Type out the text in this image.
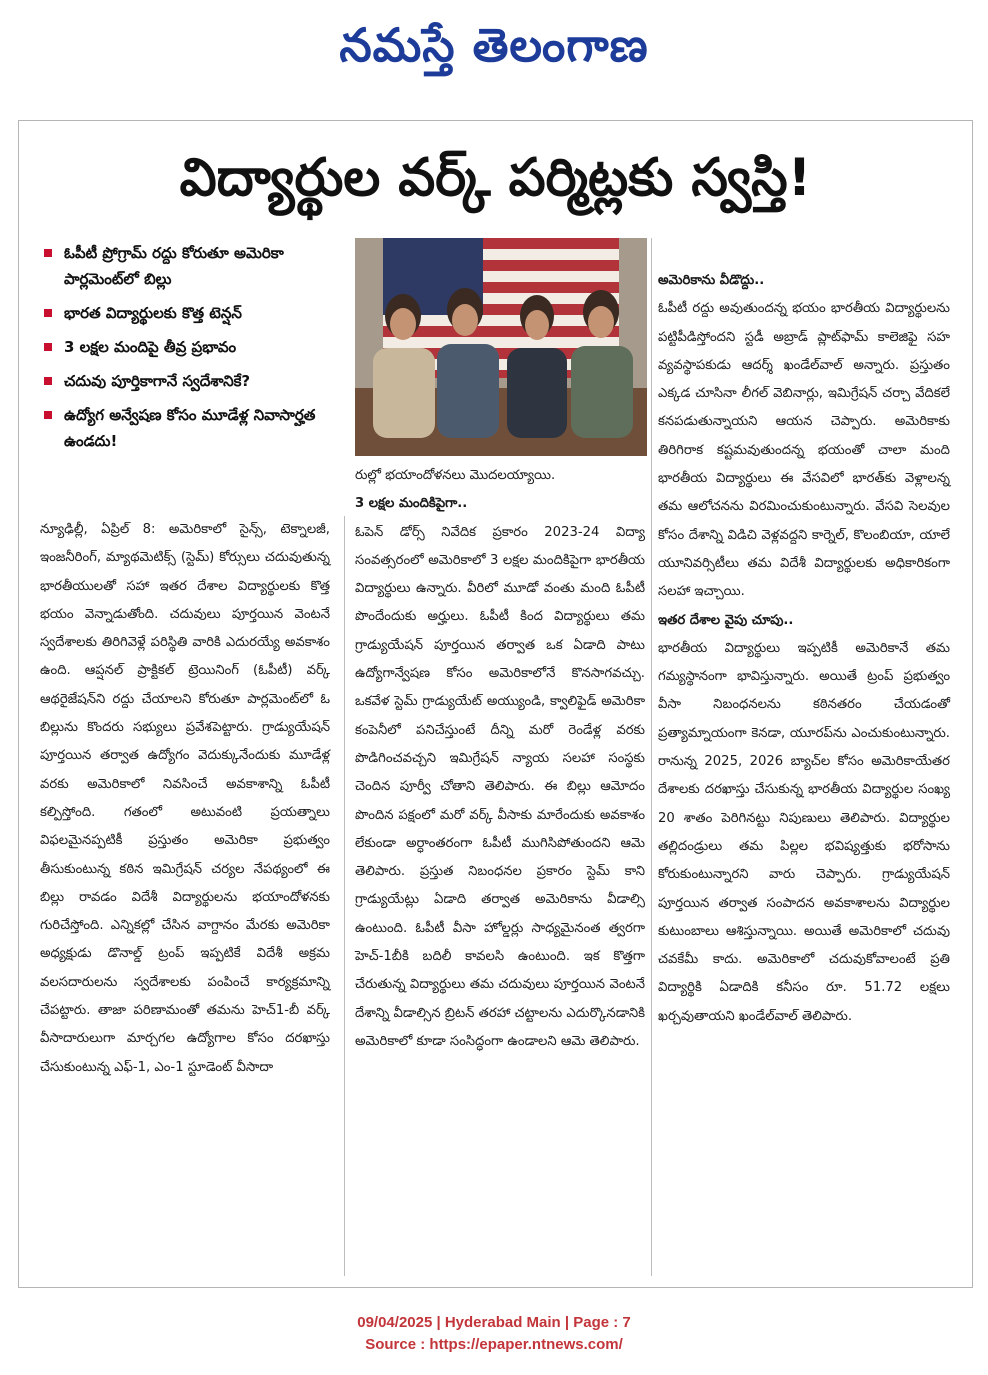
నమస్తే తెలంగాణ
విద్యార్థుల వర్క్ పర్మిట్లకు స్వస్తి!
ఓపీటీ ప్రోగ్రామ్ రద్దు కోరుతూ అమెరికా పార్లమెంట్‌లో బిల్లు
భారత విద్యార్థులకు కొత్త టెన్షన్
3 లక్షల మందిపై తీవ్ర ప్రభావం
చదువు పూర్తికాగానే స్వదేశానికే?
ఉద్యోగ అన్వేషణ కోసం మూడేళ్ల నివాసార్హత ఉండదు!

న్యూఢిల్లీ, ఏప్రిల్ 8: అమెరికాలో సైన్స్, టెక్నాలజీ, ఇంజనీరింగ్, మ్యాథమెటిక్స్ (స్టెమ్) కోర్సులు చదువుతున్న భారతీయులతో సహా ఇతర దేశాల విద్యార్థులకు కొత్త భయం వెన్నాడుతోంది. చదువులు పూర్తయిన వెంటనే స్వదేశాలకు తిరిగివెళ్లే పరిస్థితి వారికి ఎదురయ్యే అవకాశం ఉంది. ఆప్షనల్ ప్రాక్టికల్ ట్రెయినింగ్ (ఓపీటీ) వర్క్ ఆథరైజేషన్‌ని రద్దు చేయాలని కోరుతూ పార్లమెంట్‌లో ఓ బిల్లును కొందరు సభ్యులు ప్రవేశపెట్టారు. గ్రాడ్యుయేషన్ పూర్తయిన తర్వాత ఉద్యోగం వెదుక్కునేందుకు మూడేళ్ల వరకు అమెరికాలో నివసించే అవకాశాన్ని ఓపీటీ కల్పిస్తోంది. గతంలో అటువంటి ప్రయత్నాలు విఫలమైనప్పటికీ ప్రస్తుతం అమెరికా ప్రభుత్వం తీసుకుంటున్న కఠిన ఇమిగ్రేషన్ చర్యల నేపథ్యంలో ఈ బిల్లు రావడం విదేశీ విద్యార్థులను భయాందోళనకు గురిచేస్తోంది. ఎన్నికల్లో చేసిన వాగ్దానం మేరకు అమెరికా అధ్యక్షుడు డొనాల్డ్ ట్రంప్ ఇప్పటికే విదేశీ అక్రమ వలసదారులను స్వదేశాలకు పంపించే కార్యక్రమాన్ని చేపట్టారు. తాజా పరిణామంతో తమను హెచ్1-బీ వర్క్ వీసాదారులుగా మార్చగల ఉద్యోగాల కోసం దరఖాస్తు చేసుకుంటున్న ఎఫ్-1, ఎం-1 స్టూడెంట్ వీసాదా

రుల్లో భయాందోళనలు మొదలయ్యాయి.

3 లక్షల మందికిపైగా..

ఓపెన్ డోర్స్ నివేదిక ప్రకారం 2023-24 విద్యా సంవత్సరంలో అమెరికాలో 3 లక్షల మందికిపైగా భారతీయ విద్యార్థులు ఉన్నారు. వీరిలో మూడో వంతు మంది ఓపీటీ పొందేందుకు అర్హులు. ఓపీటీ కింద విద్యార్థులు తమ గ్రాడ్యుయేషన్ పూర్తయిన తర్వాత ఒక ఏడాది పాటు ఉద్యోగాన్వేషణ కోసం అమెరికాలోనే కొనసాగవచ్చు. ఒకవేళ స్టెమ్ గ్రాడ్యుయేట్ అయ్యుండి, క్వాలిఫైడ్ అమెరికా కంపెనీలో పనిచేస్తుంటే దీన్ని మరో రెండేళ్ల వరకు పొడిగించవచ్చని ఇమిగ్రేషన్ న్యాయ సలహా సంస్థకు చెందిన పూర్వీ చోతాని తెలిపారు. ఈ బిల్లు ఆమోదం పొందిన పక్షంలో మరో వర్క్ వీసాకు మారేందుకు అవకాశం లేకుండా అర్ధాంతరంగా ఓపీటీ ముగిసిపోతుందని ఆమె తెలిపారు. ప్రస్తుత నిబంధనల ప్రకారం స్టెమ్ కాని గ్రాడ్యుయేట్లు ఏడాది తర్వాత అమెరికాను వీడాల్సి ఉంటుంది. ఓపీటీ వీసా హోల్డర్లు సాధ్యమైనంత త్వరగా హెచ్-1బీకి బదిలీ కావలసి ఉంటుంది. ఇక కొత్తగా చేరుతున్న విద్యార్థులు తమ చదువులు పూర్తయిన వెంటనే దేశాన్ని వీడాల్సిన బ్రిటన్ తరహా చట్టాలను ఎదుర్కొనడానికి అమెరికాలో కూడా సంసిద్ధంగా ఉండాలని ఆమె తెలిపారు.

అమెరికాను వీడొద్దు..

ఓపీటీ రద్దు అవుతుందన్న భయం భారతీయ విద్యార్థులను పట్టిపీడిస్తోందని స్టడీ అబ్రాడ్ ప్లాట్‌ఫామ్ కాలెజిఫై సహ వ్యవస్థాపకుడు ఆదర్శ్ ఖండేల్‌వాల్ అన్నారు. ప్రస్తుతం ఎక్కడ చూసినా లీగల్ వెబినార్లు, ఇమిగ్రేషన్ చర్చా వేదికలే కనపడుతున్నాయని ఆయన చెప్పారు. అమెరికాకు తిరిగిరాక కష్టమవుతుందన్న భయంతో చాలా మంది భారతీయ విద్యార్థులు ఈ వేసవిలో భారత్‌కు వెళ్లాలన్న తమ ఆలోచనను విరమించుకుంటున్నారు. వేసవి సెలవుల కోసం దేశాన్ని విడిచి వెళ్లవద్దని కార్నెల్, కొలంబియా, యాలే యూనివర్సిటీలు తమ విదేశీ విద్యార్థులకు అధికారికంగా సలహా ఇచ్చాయి.

ఇతర దేశాల వైపు చూపు..

భారతీయ విద్యార్థులు ఇప్పటికీ అమెరికానే తమ గమ్యస్థానంగా భావిస్తున్నారు. అయితే ట్రంప్ ప్రభుత్వం వీసా నిబంధనలను కఠినతరం చేయడంతో ప్రత్యామ్నాయంగా కెనడా, యూరప్‌ను ఎంచుకుంటున్నారు. రానున్న 2025, 2026 బ్యాచ్‌ల కోసం అమెరికాయేతర దేశాలకు దరఖాస్తు చేసుకున్న భారతీయ విద్యార్థుల సంఖ్య 20 శాతం పెరిగినట్టు నిపుణులు తెలిపారు. విద్యార్థుల తల్లిదండ్రులు తమ పిల్లల భవిష్యత్తుకు భరోసాను కోరుకుంటున్నారని వారు చెప్పారు. గ్రాడ్యుయేషన్ పూర్తయిన తర్వాత సంపాదన అవకాశాలను విద్యార్థుల కుటుంబాలు ఆశిస్తున్నాయి. అయితే అమెరికాలో చదువు చవకేమీ కాదు. అమెరికాలో చదువుకోవాలంటే ప్రతి విద్యార్థికి ఏడాదికి కనీసం రూ. 51.72 లక్షలు ఖర్చవుతాయని ఖండేల్‌వాల్ తెలిపారు.

09/04/2025 | Hyderabad Main | Page : 7
Source : https://epaper.ntnews.com/
